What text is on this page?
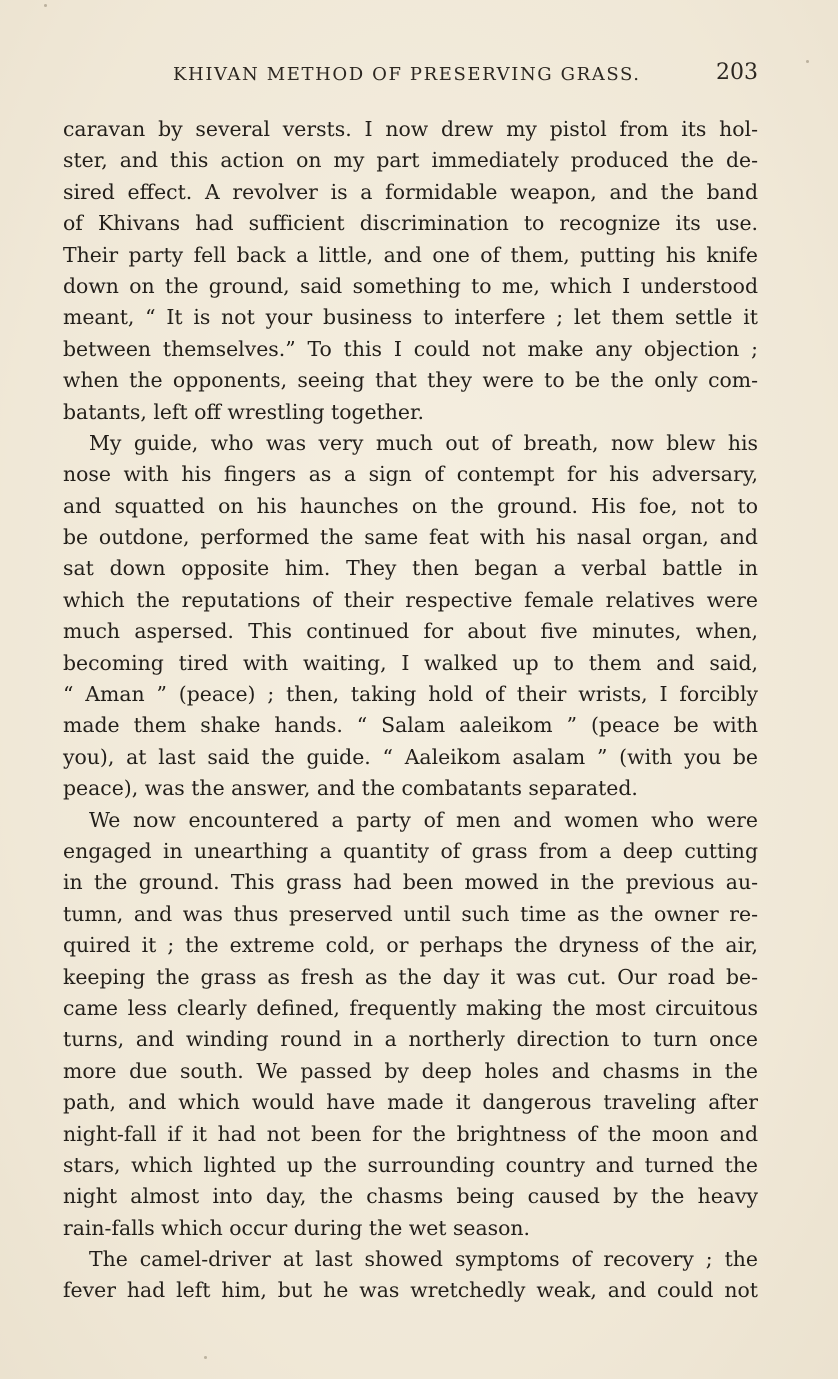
KHIVAN METHOD OF PRESERVING GRASS.	203
caravan by several versts. I now drew my pistol from its hol-
ster, and this action on my part immediately produced the de-
sired effect. A revolver is a formidable weapon, and the band
of Khivans had sufficient discrimination to recognize its use.
Their party fell back a little, and one of them, putting his knife
down on the ground, said something to me, which I understood
meant, “ It is not your business to interfere ; let them settle it
between themselves.” To this I could not make any objection ;
when the opponents, seeing that they were to be the only com-
batants, left off wrestling together.
My guide, who was very much out of breath, now blew his
nose with his fingers as a sign of contempt for his adversary,
and squatted on his haunches on the ground. His foe, not to
be outdone, performed the same feat with his nasal organ, and
sat down opposite him. They then began a verbal battle in
which the reputations of their respective female relatives were
much aspersed. This continued for about five minutes, when,
becoming tired with waiting, I walked up to them and said,
“ Aman ” (peace) ; then, taking hold of their wrists, I forcibly
made them shake hands. “ Salam aaleikom ” (peace be with
you), at last said the guide. “ Aaleikom asalam ” (with you be
peace), was the answer, and the combatants separated.
We now encountered a party of men and women who were
engaged in unearthing a quantity of grass from a deep cutting
in the ground. This grass had been mowed in the previous au-
tumn, and was thus preserved until such time as the owner re-
quired it ; the extreme cold, or perhaps the dryness of the air,
keeping the grass as fresh as the day it was cut. Our road be-
came less clearly defined, frequently making the most circuitous
turns, and winding round in a northerly direction to turn once
more due south. We passed by deep holes and chasms in the
path, and which would have made it dangerous traveling after
night-fall if it had not been for the brightness of the moon and
stars, which lighted up the surrounding country and turned the
night almost into day, the chasms being caused by the heavy
rain-falls which occur during the wet season.
The camel-driver at last showed symptoms of recovery ; the
fever had left him, but he was wretchedly weak, and could not
